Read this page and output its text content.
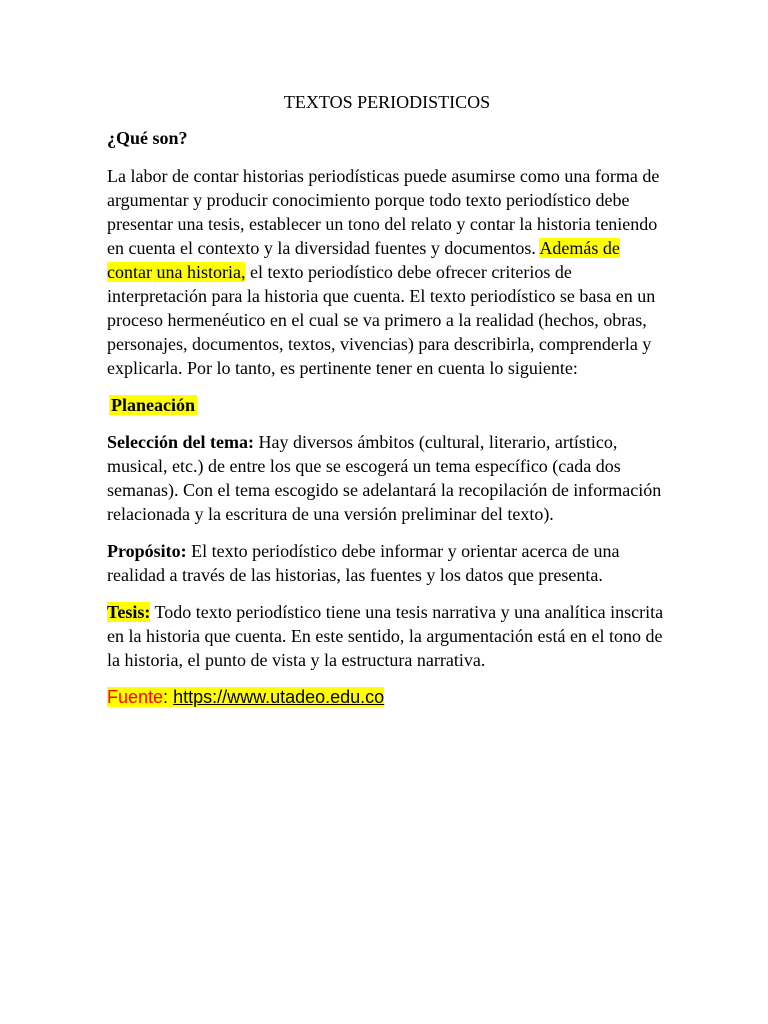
TEXTOS PERIODISTICOS
¿Qué son?

La labor de contar historias periodísticas puede asumirse como una forma de argumentar y producir conocimiento porque todo texto periodístico debe presentar una tesis, establecer un tono del relato y contar la historia teniendo en cuenta el contexto y la diversidad fuentes y documentos. Además de contar una historia, el texto periodístico debe ofrecer criterios de interpretación para la historia que cuenta. El texto periodístico se basa en un proceso hermenéutico en el cual se va primero a la realidad (hechos, obras, personajes, documentos, textos, vivencias) para describirla, comprenderla y explicarla. Por lo tanto, es pertinente tener en cuenta lo siguiente:

Planeación

Selección del tema: Hay diversos ámbitos (cultural, literario, artístico, musical, etc.) de entre los que se escogerá un tema específico (cada dos semanas). Con el tema escogido se adelantará la recopilación de información relacionada y la escritura de una versión preliminar del texto).

Propósito: El texto periodístico debe informar y orientar acerca de una realidad a través de las historias, las fuentes y los datos que presenta.

Tesis: Todo texto periodístico tiene una tesis narrativa y una analítica inscrita en la historia que cuenta. En este sentido, la argumentación está en el tono de la historia, el punto de vista y la estructura narrativa.

Fuente: https://www.utadeo.edu.co
